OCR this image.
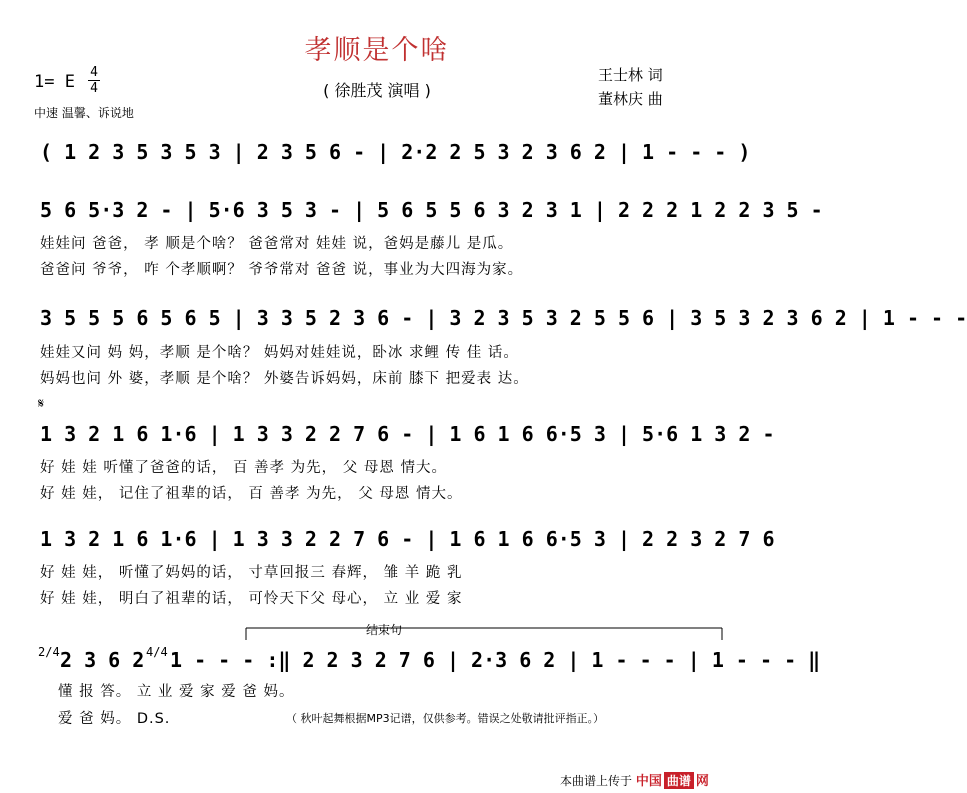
孝顺是个啥
( 徐胜茂 演唱 )
王士林 词
董林庆 曲
1= E 4
4
中速 温馨、诉说地
( 1 2 3 5 3 5 3 | 2 3 5 6 - | 2·2 2 5 3 2 3 6 2 | 1 - - - )
5 6 5·3 2 - | 5·6 3 5 3 - | 5 6 5 5 6 3 2 3 1 | 2 2 2 1 2 2 3 5 -
娃娃问 爸爸， 孝 顺是个啥？ 爸爸常对 娃娃 说，爸妈是藤儿 是瓜。
爸爸问 爷爷， 咋 个孝顺啊？ 爷爷常对 爸爸 说，事业为大四海为家。
3 5 5 5 6 5 6 5 | 3 3 5 2 3 6 - | 3 2 3 5 3 2 5 5 6 | 3 5 3 2 3 6 2 | 1 - - -
娃娃又问 妈 妈，孝顺 是个啥？ 妈妈对娃娃说，卧冰 求鲤 传 佳 话。
妈妈也问 外 婆，孝顺 是个啥？ 外婆告诉妈妈，床前 膝下 把爱表 达。
𝄋
1 3 2 1 6 1·6 | 1 3 3 2 2 7 6 - | 1 6 1 6 6·5 3 | 5·6 1 3 2 -
好 娃 娃 听懂了爸爸的话， 百 善孝 为先， 父 母恩 情大。
好 娃 娃， 记住了祖辈的话， 百 善孝 为先， 父 母恩 情大。
1 3 2 1 6 1·6 | 1 3 3 2 2 7 6 - | 1 6 1 6 6·5 3 | 2 2 3 2 7 6
好 娃 娃， 听懂了妈妈的话， 寸草回报三 春辉， 雏 羊 跪 乳
好 娃 娃， 明白了祖辈的话， 可怜天下父 母心， 立 业 爱 家
2/4 2 3 6 2 4/4 1 - - - :‖ 2 2 3 2 7 6 | 2·3 6 2 | 1 - - - | 1 - - - ‖
结束句
懂 报 答。 立 业 爱 家 爱 爸 妈。
爱 爸 妈。 D.S.	（ 秋叶起舞根据MP3记谱，仅供参考。错误之处敬请批评指正。）
本曲谱上传于 中国 曲谱 网
